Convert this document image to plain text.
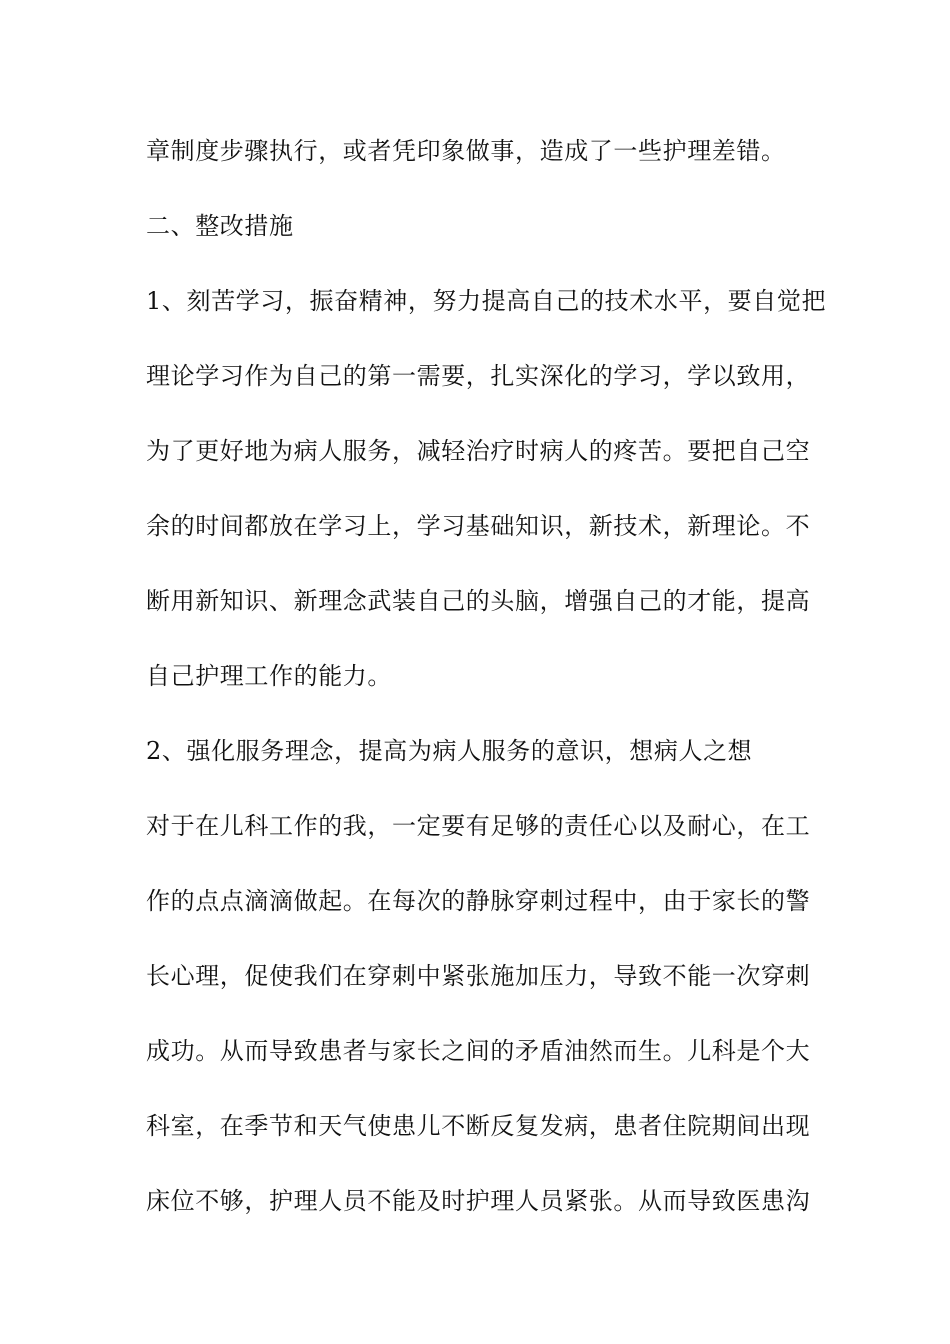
章制度步骤执行，或者凭印象做事，造成了一些护理差错。
二、整改措施
1、刻苦学习，振奋精神，努力提高自己的技术水平，要自觉把
理论学习作为自己的第一需要，扎实深化的学习，学以致用，
为了更好地为病人服务，减轻治疗时病人的疼苦。要把自己空
余的时间都放在学习上，学习基础知识，新技术，新理论。不
断用新知识、新理念武装自己的头脑，增强自己的才能，提高
自己护理工作的能力。
2、强化服务理念，提高为病人服务的意识，想病人之想
对于在儿科工作的我，一定要有足够的责任心以及耐心，在工
作的点点滴滴做起。在每次的静脉穿刺过程中，由于家长的警
长心理，促使我们在穿刺中紧张施加压力，导致不能一次穿刺
成功。从而导致患者与家长之间的矛盾油然而生。儿科是个大
科室，在季节和天气使患儿不断反复发病，患者住院期间出现
床位不够，护理人员不能及时护理人员紧张。从而导致医患沟
